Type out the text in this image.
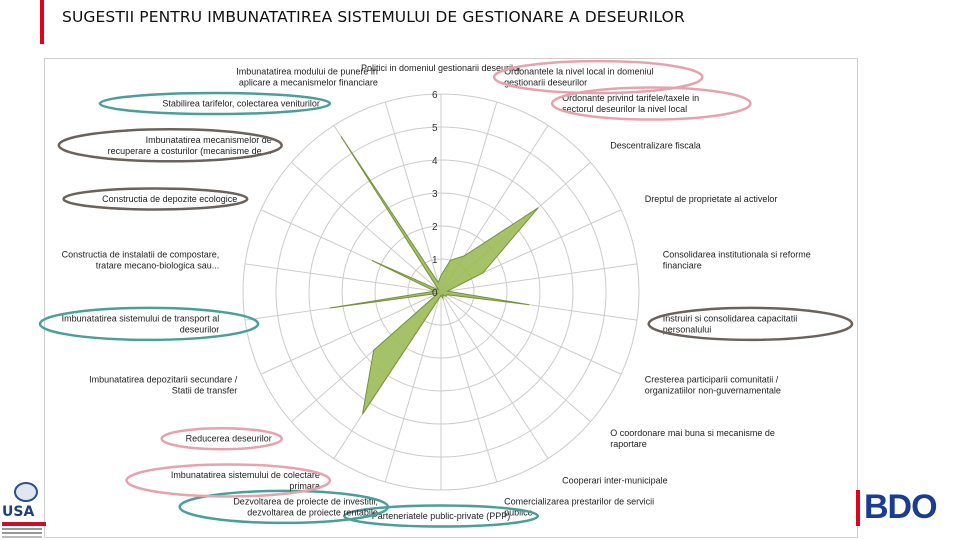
SUGESTII PENTRU IMBUNATATIREA SISTEMULUI DE GESTIONARE A DESEURILOR
0
1
2
3
4
5
6
Politici in domeniul gestionarii deseurilor
Ordonantele la nivel local in domeniul gestionarii deseurilor
Ordonante privind tarifele/taxele in sectorul deseurilor la nivel local
Descentralizare fiscala
Dreptul de proprietate al activelor
Consolidarea institutionala si reforme financiare
Instruiri si consolidarea capacitatii personalului
Cresterea participarii comunitatii / organizatiilor non-guvernamentale
O coordonare mai buna si mecanisme de raportare
Cooperari inter-municipale
Comercializarea prestarilor de servicii publice
Parteneriatele public-private (PPP)
Dezvoltarea de proiecte de investitii; dezvoltarea de proiecte rentabile
Imbunatatirea sistemului de colectare primara
Reducerea deseurilor
Imbunatatirea depozitarii secundare / Statii de transfer
Imbunatatirea sistemului de transport al deseurilor
Constructia de instalatii de compostare, tratare mecano-biologica sau...
Constructia de depozite ecologice
Imbunatatirea mecanismelor de recuperare a costurilor (mecanisme de ...
Stabilirea tarifelor, colectarea veniturilor
Imbunatatirea modului de punere in aplicare a mecanismelor financiare
USA	BDO
